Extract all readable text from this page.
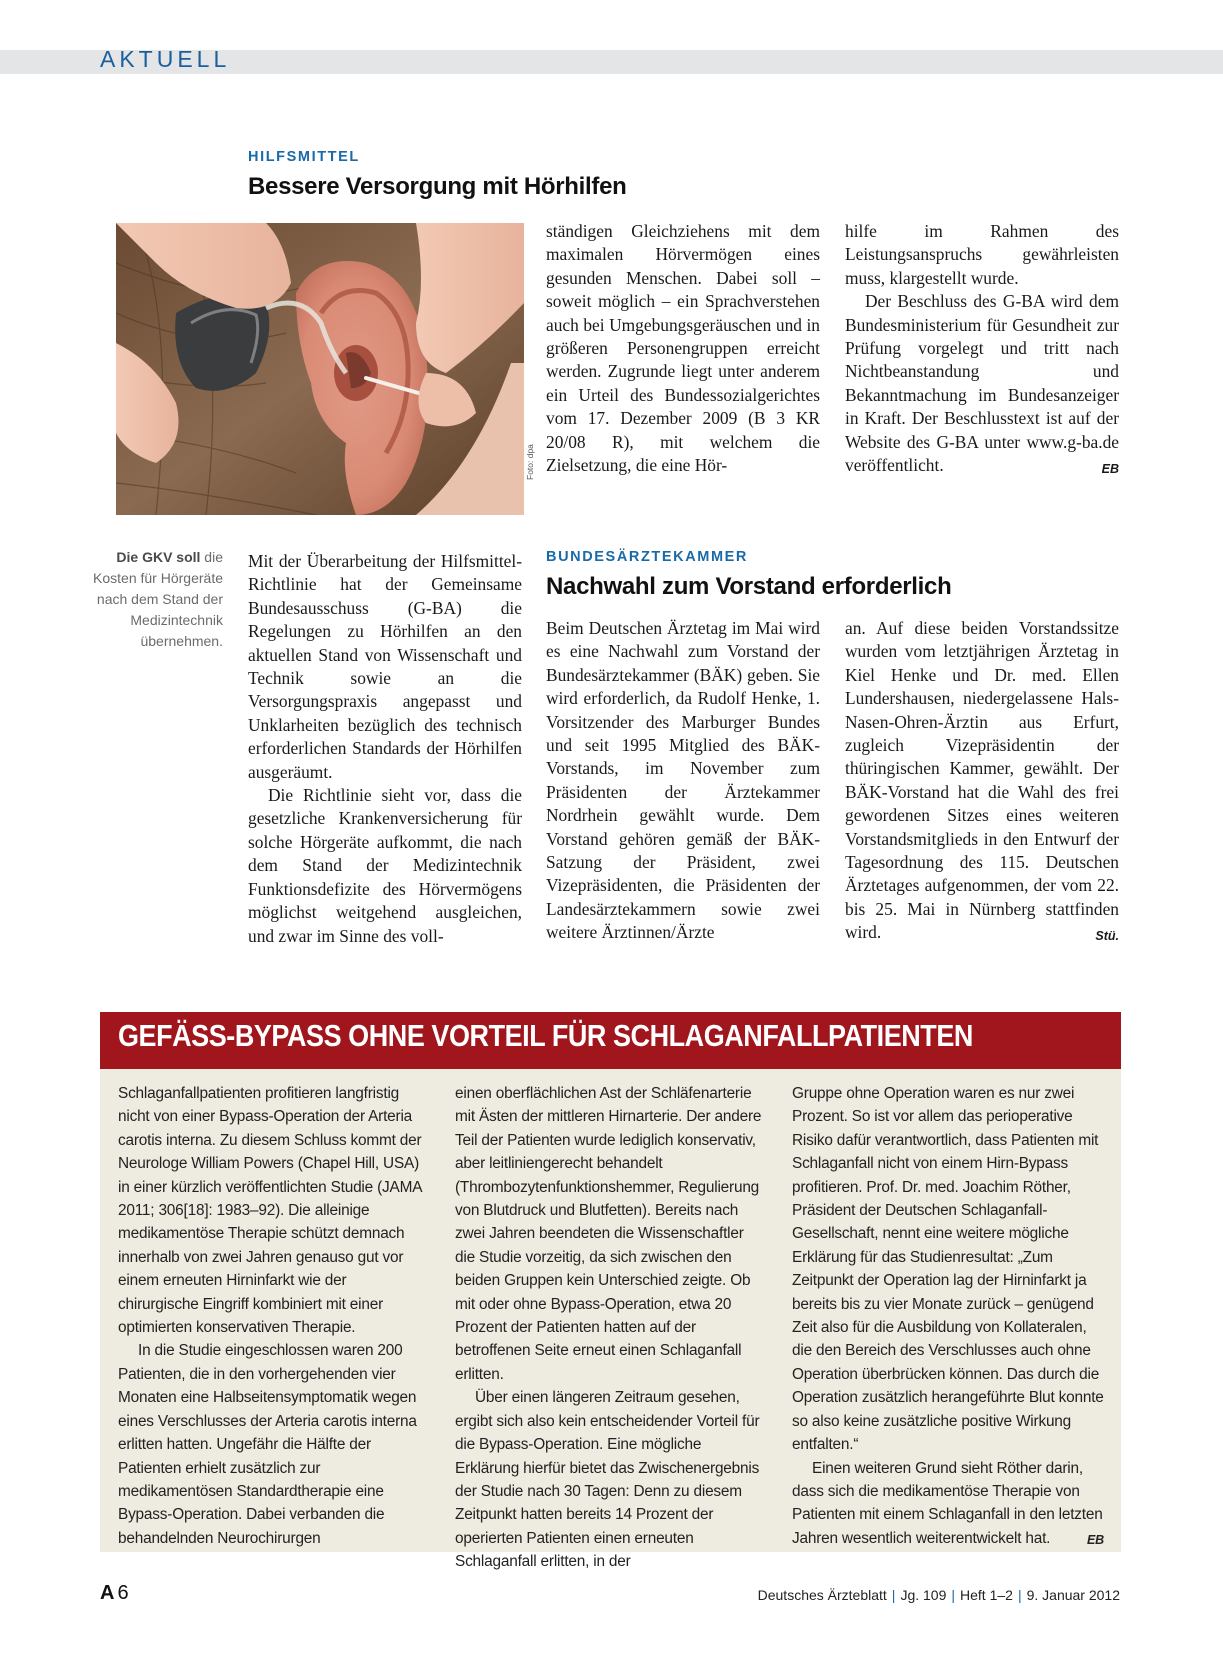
AKTUELL
HILFSMITTEL
Bessere Versorgung mit Hörhilfen
Foto: dpa
Die GKV soll die Kosten für Hörgeräte nach dem Stand der Medizintechnik übernehmen.

Mit der Überarbeitung der Hilfsmittel-Richtlinie hat der Gemeinsame Bundesausschuss (G-BA) die Regelungen zu Hörhilfen an den aktuellen Stand von Wissenschaft und Technik sowie an die Versorgungspraxis angepasst und Unklarheiten bezüglich des technisch erforderlichen Standards der Hörhilfen ausgeräumt.

Die Richtlinie sieht vor, dass die gesetzliche Krankenversicherung für solche Hörgeräte aufkommt, die nach dem Stand der Medizintechnik Funktionsdefizite des Hörvermögens möglichst weitgehend ausgleichen, und zwar im Sinne des voll-

ständigen Gleichziehens mit dem maximalen Hörvermögen eines gesunden Menschen. Dabei soll – soweit möglich – ein Sprachverstehen auch bei Umgebungsgeräuschen und in größeren Personengruppen erreicht werden. Zugrunde liegt unter anderem ein Urteil des Bundessozialgerichtes vom 17. Dezember 2009 (B 3 KR 20/08 R), mit welchem die Zielsetzung, die eine Hör-

hilfe im Rahmen des Leistungsanspruchs gewährleisten muss, klargestellt wurde.

Der Beschluss des G-BA wird dem Bundesministerium für Gesundheit zur Prüfung vorgelegt und tritt nach Nichtbeanstandung und Bekanntmachung im Bundesanzeiger in Kraft. Der Beschlusstext ist auf der Website des G-BA unter www.g-ba.de veröffentlicht.	EB

BUNDESÄRZTEKAMMER
Nachwahl zum Vorstand erforderlich

Beim Deutschen Ärztetag im Mai wird es eine Nachwahl zum Vorstand der Bundesärztekammer (BÄK) geben. Sie wird erforderlich, da Rudolf Henke, 1. Vorsitzender des Marburger Bundes und seit 1995 Mitglied des BÄK-Vorstands, im November zum Präsidenten der Ärztekammer Nordrhein gewählt wurde. Dem Vorstand gehören gemäß der BÄK-Satzung der Präsident, zwei Vizepräsidenten, die Präsidenten der Landesärztekammern sowie zwei weitere Ärztinnen/Ärzte

an. Auf diese beiden Vorstandssitze wurden vom letztjährigen Ärztetag in Kiel Henke und Dr. med. Ellen Lundershausen, niedergelassene Hals-Nasen-Ohren-Ärztin aus Erfurt, zugleich Vizepräsidentin der thüringischen Kammer, gewählt. Der BÄK-Vorstand hat die Wahl des frei gewordenen Sitzes eines weiteren Vorstandsmitglieds in den Entwurf der Tagesordnung des 115. Deutschen Ärztetages aufgenommen, der vom 22. bis 25. Mai in Nürnberg stattfinden wird.	Stü.

GEFÄSS-BYPASS OHNE VORTEIL FÜR SCHLAGANFALLPATIENTEN

Schlaganfallpatienten profitieren langfristig nicht von einer Bypass-Operation der Arteria carotis interna. Zu diesem Schluss kommt der Neurologe William Powers (Chapel Hill, USA) in einer kürzlich veröffentlichten Studie (JAMA 2011; 306[18]: 1983–92). Die alleinige medikamentöse Therapie schützt demnach innerhalb von zwei Jahren genauso gut vor einem erneuten Hirninfarkt wie der chirurgische Eingriff kombiniert mit einer optimierten konservativen Therapie.

In die Studie eingeschlossen waren 200 Patienten, die in den vorhergehenden vier Monaten eine Halbseitensymptomatik wegen eines Verschlusses der Arteria carotis interna erlitten hatten. Ungefähr die Hälfte der Patienten erhielt zusätzlich zur medikamentösen Standardtherapie eine Bypass-Operation. Dabei verbanden die behandelnden Neurochirurgen

einen oberflächlichen Ast der Schläfenarterie mit Ästen der mittleren Hirnarterie. Der andere Teil der Patienten wurde lediglich konservativ, aber leitliniengerecht behandelt (Thrombozytenfunktionshemmer, Regulierung von Blutdruck und Blutfetten). Bereits nach zwei Jahren beendeten die Wissenschaftler die Studie vorzeitig, da sich zwischen den beiden Gruppen kein Unterschied zeigte. Ob mit oder ohne Bypass-Operation, etwa 20 Prozent der Patienten hatten auf der betroffenen Seite erneut einen Schlaganfall erlitten.

Über einen längeren Zeitraum gesehen, ergibt sich also kein entscheidender Vorteil für die Bypass-Operation. Eine mögliche Erklärung hierfür bietet das Zwischenergebnis der Studie nach 30 Tagen: Denn zu diesem Zeitpunkt hatten bereits 14 Prozent der operierten Patienten einen erneuten Schlaganfall erlitten, in der

Gruppe ohne Operation waren es nur zwei Prozent. So ist vor allem das perioperative Risiko dafür verantwortlich, dass Patienten mit Schlaganfall nicht von einem Hirn-Bypass profitieren. Prof. Dr. med. Joachim Röther, Präsident der Deutschen Schlaganfall-Gesellschaft, nennt eine weitere mögliche Erklärung für das Studienresultat: „Zum Zeitpunkt der Operation lag der Hirninfarkt ja bereits bis zu vier Monate zurück – genügend Zeit also für die Ausbildung von Kollateralen, die den Bereich des Verschlusses auch ohne Operation überbrücken können. Das durch die Operation zusätzlich herangeführte Blut konnte so also keine zusätzliche positive Wirkung entfalten.“

Einen weiteren Grund sieht Röther darin, dass sich die medikamentöse Therapie von Patienten mit einem Schlaganfall in den letzten Jahren wesentlich weiterentwickelt hat.	EB

A 6	Deutsches Ärzteblatt | Jg. 109 | Heft 1–2 | 9. Januar 2012
